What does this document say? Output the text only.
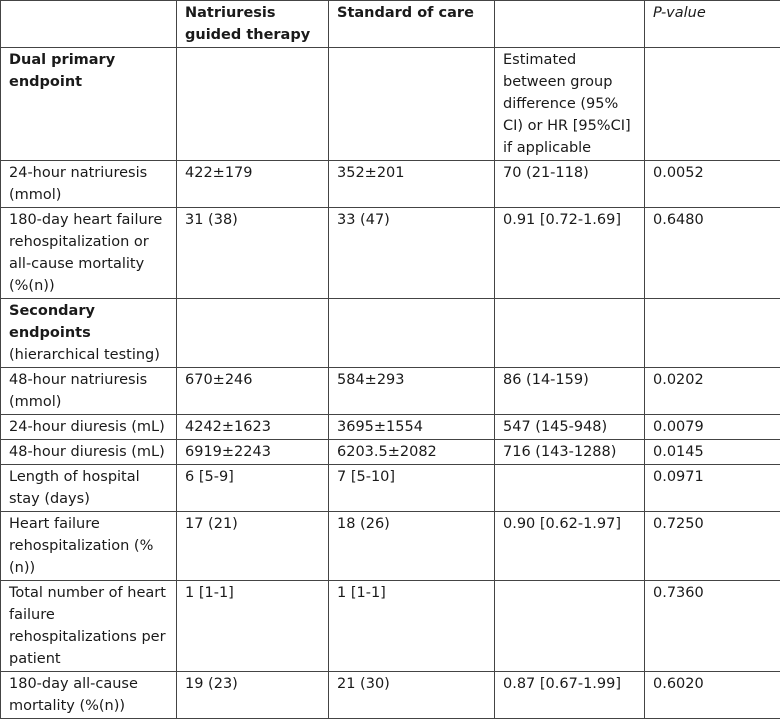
	Natriuresis guided therapy	Standard of care		P-value
Dual primary endpoint			Estimated between group difference (95% CI) or HR [95%CI] if applicable	
24-hour natriuresis (mmol)	422±179	352±201	70 (21-118)	0.0052
180-day heart failure rehospitalization or all-cause mortality (%(n))	31 (38)	33 (47)	0.91 [0.72-1.69]	0.6480
Secondary endpoints
(hierarchical testing)				
48-hour natriuresis (mmol)	670±246	584±293	86 (14-159)	0.0202
24-hour diuresis (mL)	4242±1623	3695±1554	547 (145-948)	0.0079
48-hour diuresis (mL)	6919±2243	6203.5±2082	716 (143-1288)	0.0145
Length of hospital stay (days)	6 [5-9]	7 [5-10]		0.0971
Heart failure rehospitalization (%(n))	17 (21)	18 (26)	0.90 [0.62-1.97]	0.7250
Total number of heart failure rehospitalizations per patient	1 [1-1]	1 [1-1]		0.7360
180-day all-cause mortality (%(n))	19 (23)	21 (30)	0.87 [0.67-1.99]	0.6020
